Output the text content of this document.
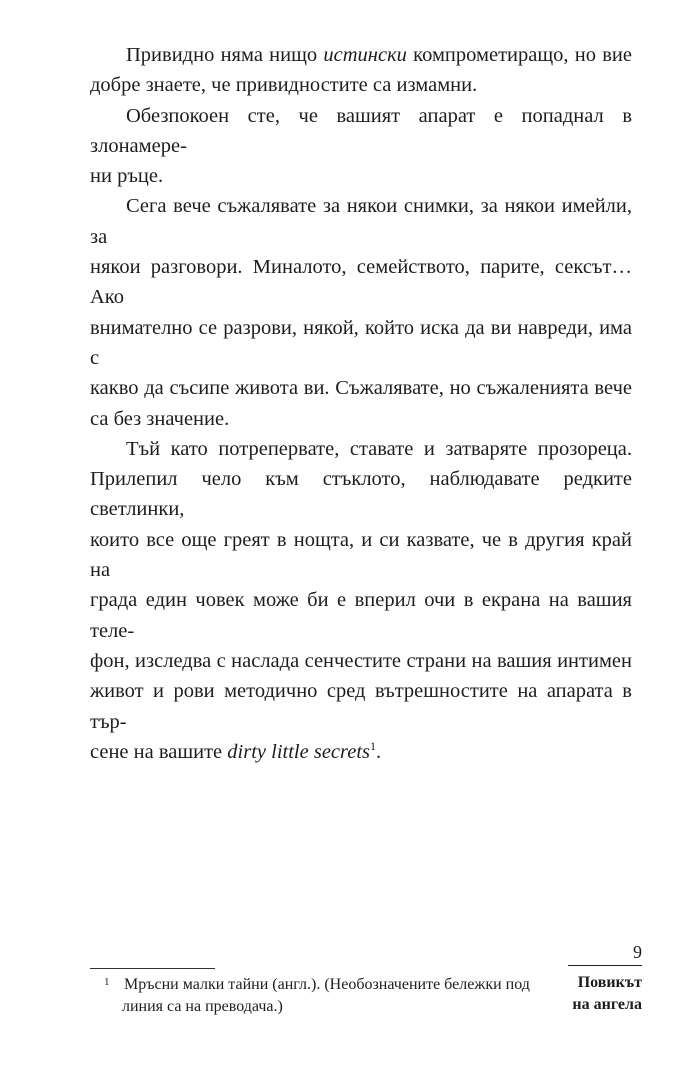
Привидно няма нищо истински компрометиращо, но вие
добре знаете, че привидностите са измамни.

Обезпокоен сте, че вашият апарат е попаднал в злонамере-
ни ръце.

Сега вече съжалявате за някои снимки, за някои имейли, за
някои разговори. Миналото, семейството, парите, сексът… Ако
внимателно се разрови, някой, който иска да ви навреди, има с
какво да съсипе живота ви. Съжалявате, но съжаленията вече
са без значение.

Тъй като потрепервате, ставате и затваряте прозореца.
Прилепил чело към стъклото, наблюдавате редките светлинки,
които все още греят в нощта, и си казвате, че в другия край на
града един човек може би е вперил очи в екрана на вашия теле-
фон, изследва с наслада сенчестите страни на вашия интимен
живот и рови методично сред вътрешностите на апарата в тър-
сене на вашите dirty little secrets$^1$.

9
1 Мръсни малки тайни (англ.). (Необозначените бележки под
линия са на преводача.)
Повикът
на ангела
